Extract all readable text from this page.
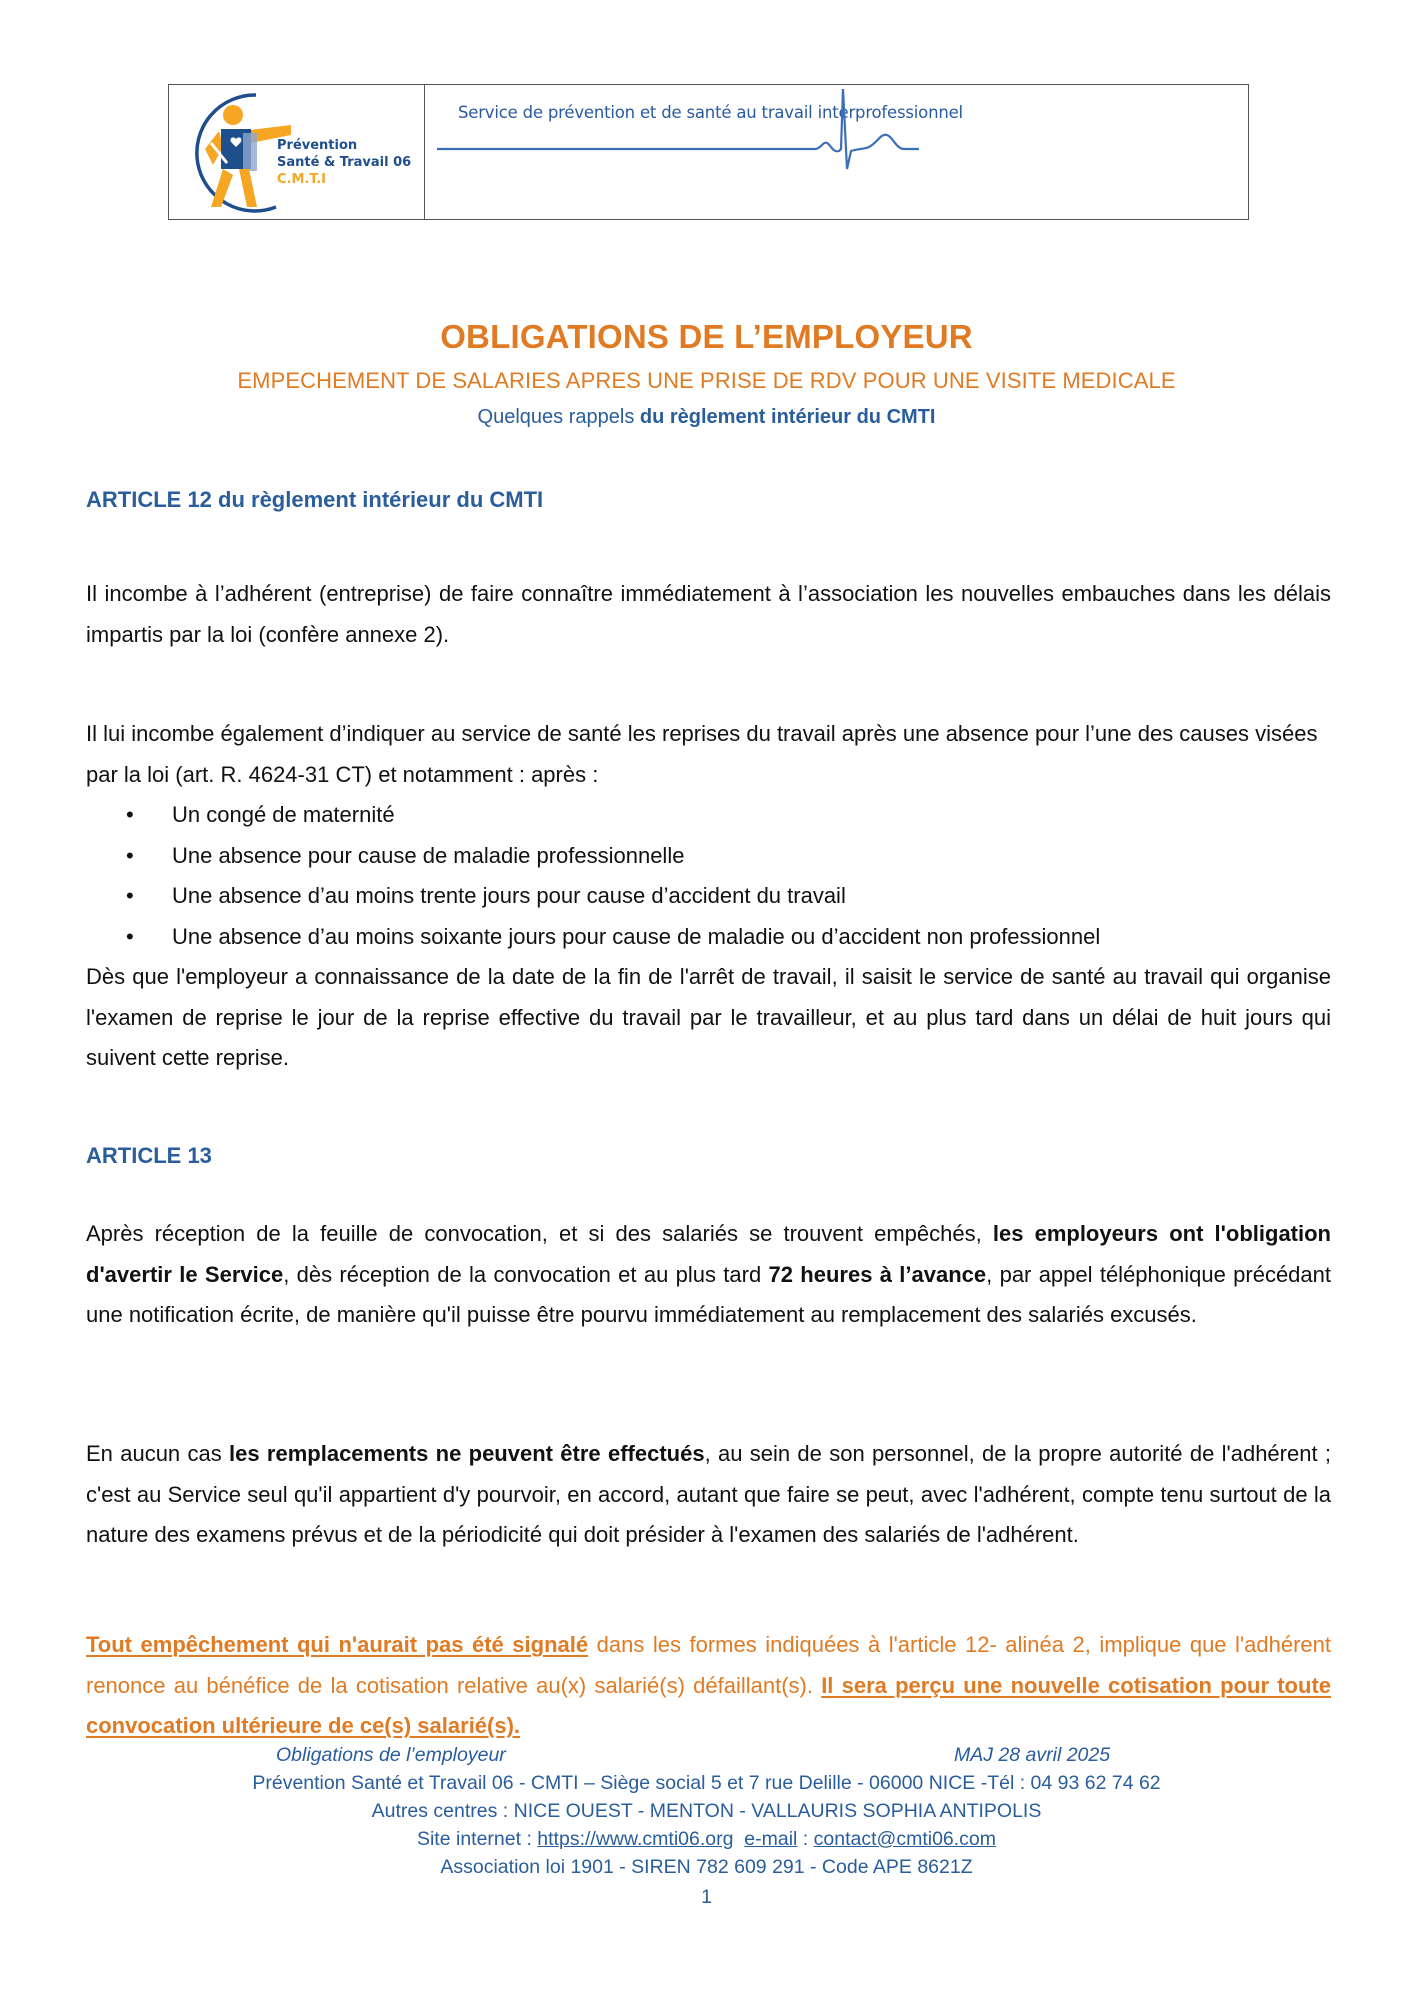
Prévention
Santé & Travail 06
C.M.T.I
Service de prévention et de santé au travail interprofessionnel
OBLIGATIONS DE L’EMPLOYEUR
EMPECHEMENT DE SALARIES APRES UNE PRISE DE RDV POUR UNE VISITE MEDICALE
Quelques rappels du règlement intérieur du CMTI
ARTICLE 12 du règlement intérieur du CMTI
Il incombe à l’adhérent (entreprise) de faire connaître immédiatement à l’association les nouvelles embauches dans les délais impartis par la loi (confère annexe 2).
Il lui incombe également d’indiquer au service de santé les reprises du travail après une absence pour l’une des causes visées par la loi (art. R. 4624-31 CT) et notamment : après :
• Un congé de maternité
• Une absence pour cause de maladie professionnelle
• Une absence d’au moins trente jours pour cause d’accident du travail
• Une absence d’au moins soixante jours pour cause de maladie ou d’accident non professionnel
Dès que l'employeur a connaissance de la date de la fin de l'arrêt de travail, il saisit le service de santé au travail qui organise l'examen de reprise le jour de la reprise effective du travail par le travailleur, et au plus tard dans un délai de huit jours qui suivent cette reprise.
ARTICLE 13
Après réception de la feuille de convocation, et si des salariés se trouvent empêchés, les employeurs ont l'obligation d'avertir le Service, dès réception de la convocation et au plus tard 72 heures à l’avance, par appel téléphonique précédant une notification écrite, de manière qu'il puisse être pourvu immédiatement au remplacement des salariés excusés.
En aucun cas les remplacements ne peuvent être effectués, au sein de son personnel, de la propre autorité de l'adhérent ; c'est au Service seul qu'il appartient d'y pourvoir, en accord, autant que faire se peut, avec l'adhérent, compte tenu surtout de la nature des examens prévus et de la périodicité qui doit présider à l'examen des salariés de l'adhérent.
Tout empêchement qui n'aurait pas été signalé dans les formes indiquées à l'article 12- alinéa 2, implique que l'adhérent renonce au bénéfice de la cotisation relative au(x) salarié(s) défaillant(s). Il sera perçu une nouvelle cotisation pour toute convocation ultérieure de ce(s) salarié(s).
Obligations de l’employeur	MAJ 28 avril 2025
Prévention Santé et Travail 06 - CMTI – Siège social 5 et 7 rue Delille - 06000 NICE -Tél : 04 93 62 74 62
Autres centres : NICE OUEST - MENTON - VALLAURIS SOPHIA ANTIPOLIS
Site internet : https://www.cmti06.org e-mail : contact@cmti06.com
Association loi 1901 - SIREN 782 609 291 - Code APE 8621Z
1
